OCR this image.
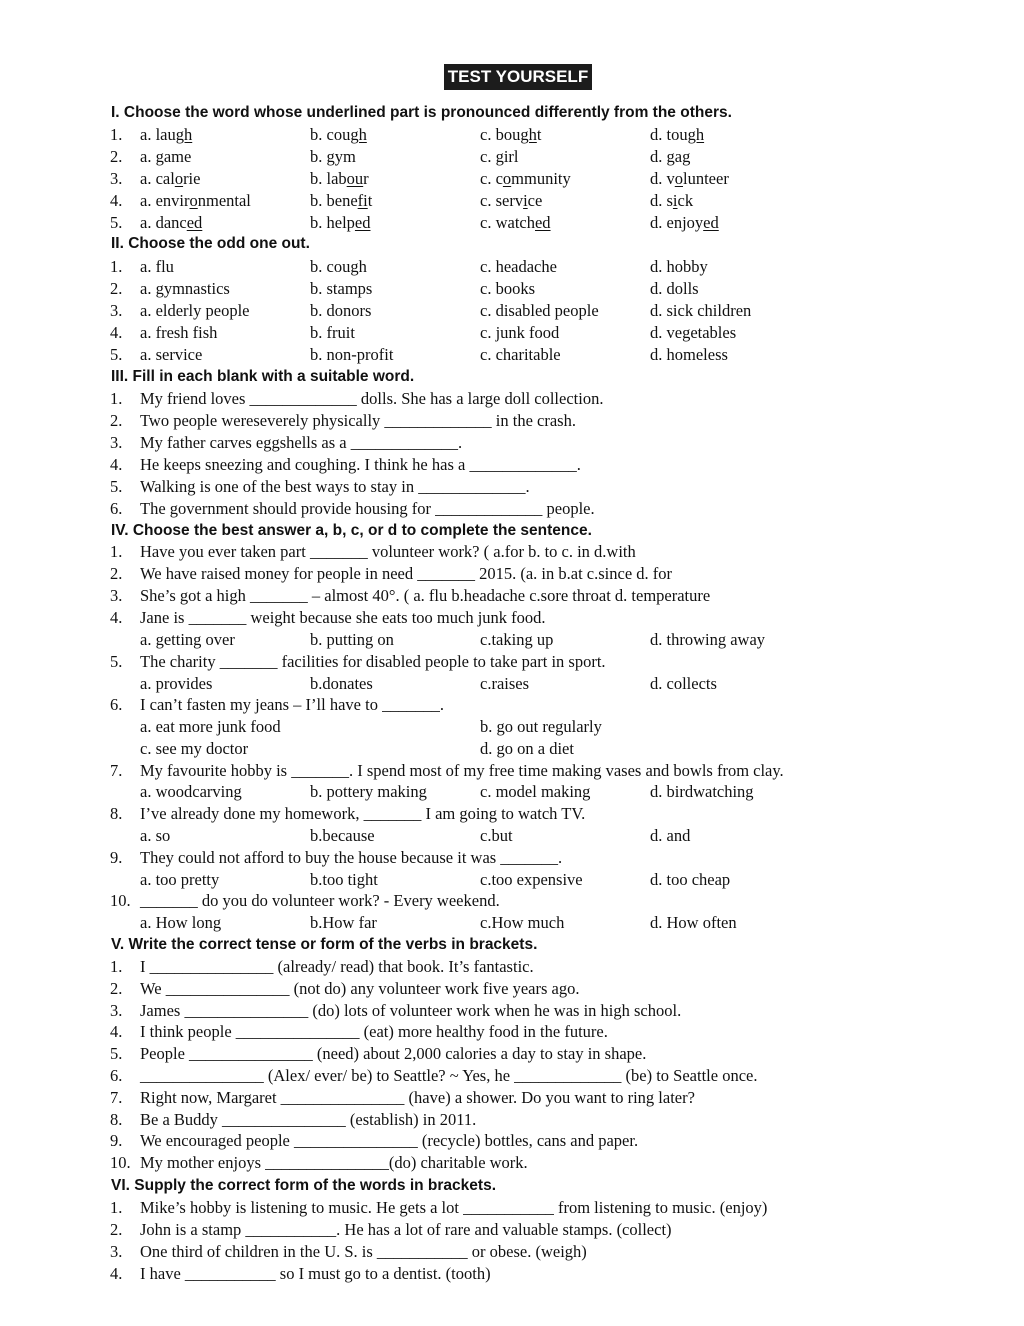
TEST YOURSELF
I. Choose the word whose underlined part is pronounced differently from the others.
1.	a. laugh	b. cough	c. bought	d. tough
2.	a. game	b. gym	c. girl	d. gag
3.	a. calorie	b. labour	c. community	d. volunteer
4.	a. environmental	b. benefit	c. service	d. sick
5.	a. danced	b. helped	c. watched	d. enjoyed
II. Choose the odd one out.
1.	a. flu	b. cough	c. headache	d. hobby
2.	a. gymnastics	b. stamps	c. books	d. dolls
3.	a. elderly people	b. donors	c. disabled people	d. sick children
4.	a. fresh fish	b. fruit	c. junk food	d. vegetables
5.	a. service	b. non-profit	c. charitable	d. homeless
III. Fill in each blank with a suitable word.
1.	My friend loves _____________ dolls. She has a large doll collection.
2.	Two people wereseverely physically _____________ in the crash.
3.	My father carves eggshells as a _____________.
4.	He keeps sneezing and coughing. I think he has a _____________.
5.	Walking is one of the best ways to stay in _____________.
6.	The government should provide housing for _____________ people.
IV. Choose the best answer a, b, c, or d to complete the sentence.
1.	Have you ever taken part _______ volunteer work? ( a.for b. to c. in d.with
2.	We have raised money for people in need _______ 2015. (a. in b.at c.since d. for
3.	She’s got a high _______ – almost 40°. ( a. flu b.headache c.sore throat d. temperature
4.	Jane is _______ weight because she eats too much junk food.
a. getting over	b. putting on	c.taking up	d. throwing away
5.	The charity _______ facilities for disabled people to take part in sport.
a. provides	b.donates	c.raises	d. collects
6.	I can’t fasten my jeans – I’ll have to _______.
a. eat more junk food	b. go out regularly
c. see my doctor	d. go on a diet
7.	My favourite hobby is _______. I spend most of my free time making vases and bowls from clay.
a. woodcarving	b. pottery making	c. model making	d. birdwatching
8.	I’ve already done my homework, _______ I am going to watch TV.
a. so	b.because	c.but	d. and
9.	They could not afford to buy the house because it was _______.
a. too pretty	b.too tight	c.too expensive	d. too cheap
10. _______ do you do volunteer work? - Every weekend.
a. How long	b.How far	c.How much	d. How often
V. Write the correct tense or form of the verbs in brackets.
1.	I _______________ (already/ read) that book. It’s fantastic.
2.	We _______________ (not do) any volunteer work five years ago.
3.	James _______________ (do) lots of volunteer work when he was in high school.
4.	I think people _______________ (eat) more healthy food in the future.
5.	People _______________ (need) about 2,000 calories a day to stay in shape.
6.	_______________ (Alex/ ever/ be) to Seattle? ~ Yes, he _____________ (be) to Seattle once.
7.	Right now, Margaret _______________ (have) a shower. Do you want to ring later?
8.	Be a Buddy _______________ (establish) in 2011.
9.	We encouraged people _______________ (recycle) bottles, cans and paper.
10. My mother enjoys _______________(do) charitable work.
VI. Supply the correct form of the words in brackets.
1.	Mike’s hobby is listening to music. He gets a lot ___________ from listening to music. (enjoy)
2.	John is a stamp ___________. He has a lot of rare and valuable stamps. (collect)
3.	One third of children in the U. S. is ___________ or obese. (weigh)
4.	I have ___________ so I must go to a dentist. (tooth)
